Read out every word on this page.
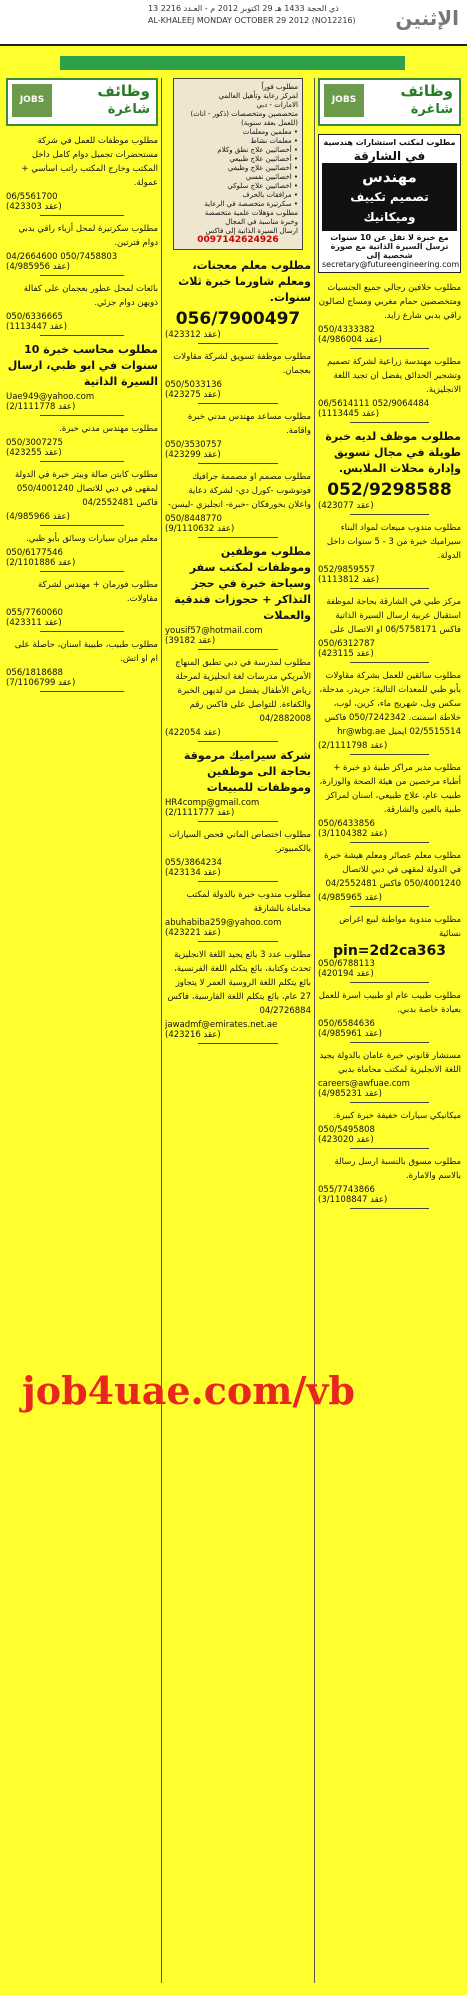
الإثنين
13 ذي الحجة 1433 هـ 29 اكتوبر 2012 م - العـدد 2216
AL-KHALEEJ MONDAY OCTOBER 29 2012 (NO12216)
JOBS	وظائف
شاغرة
مطلوب لمكتب استشارات هندسية
في الشارقة
مهندس
تصميم تكييف وميكانيك
مع خبرة لا تقل عن 10 سنوات
ترسل السيرة الذاتية مع صورة شخصية إلى
secretary@futureengineering.com
مطلوب خلافين رجالي جميع الجنسيات ومتخصصين حمام مغربي ومساج لصالون راقي بدبي شارع زايد.
050/4333382
(عقد 4/986004)
مطلوب مهندسة زراعية لشركة تصميم وتشجير الحدائق يفضل ان تجيد اللغة الانجليزية.
06/5614111 052/9064484
(عقد 1113445)
مطلوب موظف لديه خبرة طويلة في مجال تسويق وإدارة محلات الملابس.
052/9298588
(عقد 423077)
مطلوب مندوب مبيعات لمواد البناء سيراميك خبرة من 3 - 5 سنوات داخل الدولة.
052/9859557
(عقد 1113812)
مركز طبي في الشارقة بحاجة لموظفة استقبال عربية ارسال السيرة الذاتية فاكس 06/5758171 او الاتصال على
050/6312787
(عقد 423115)
مطلوب سائقين للعمل بشركة مقاولات بأبو ظبي للمعدات التالية: جريدر، مدحلة، سكس ويل، شهريج ماء، كرين، لوب، خلاطة اسمنت. 050/7242342 فاكس 02/5515514 ايميل hr@wbg.ae
(عقد 2/1111798)
مطلوب مدير مراكز طبية ذو خبرة + أطباء مرخصين من هيئة الصحة والوزارة، طبيب عام، علاج طبيعي، اسنان لمراكز طبية بالعين والشارقة.
050/6433856
(عقد 3/1104382)
مطلوب معلم عصائر ومعلم هيشة خبرة في الدولة لمقهى في دبي للاتصال 050/4001240 فاكس 04/2552481
(عقد 4/985965)
مطلوب مندوبة مواطنة لبيع اغراض نسائية
pin=2d2ca363
050/6788113
(عقد 420194)
مطلوب طبيب عام او طبيب اسرة للعمل بعيادة خاصة بدبي.
050/6584636
(عقد 4/985961)
مستشار قانوني خبرة عامان بالدولة يجيد اللغة الانجليزية لمكتب محاماة بدبي
careers@awfuae.com
(عقد 4/985231)
ميكانيكي سيارات خفيفة خبرة كبيرة.
050/5495808
(عقد 423020)
مطلوب مسوق بالنسبة ارسل رسالة بالاسم والامارة.
055/7743866
(عقد 3/1108847)
مطلوب فوراً
لمركز رعاية وتأهيل العالمي
الامارات - دبي
متخصصين ومتخصصات (ذكور - اناث)
(للعمل بعقد سنوية)
• معلمين ومعلمات
• معلمات نشاط
• أخصائيين علاج نطق وكلام
• أخصائيين علاج طبيعي
• أخصائيين علاج وظيفي
• اخصائيين نفسي
• اخصائيين علاج سلوكي
• مرافقات بالحرف
• سكرتيرة متخصصة في الرعاية
مطلوب مؤهلات علمية متخصصة
وخبرة مناسبة في المجال
ارسال السيرة الذاتية إلى فاكس
0097142624926
مطلوب معلم معجنات، ومعلم شاورما خبرة ثلاث سنوات.
056/7900497
(عقد 423312)
مطلوب موظفة تسويق لشركة مقاولات بعجمان.
050/5033136
(عقد 423275)
مطلوب مساعد مهندس مدني خبرة واقامة.
050/3530757
(عقد 423299)
مطلوب مصمم او مصممة جرافيك فوتوشوب -كورل دي- لشركة دعاية واعلان بخورفكان -خبرة- انجليزي -ليسن-
050/8448770
(عقد 9/1110632)
مطلوب موظفين وموظفات لمكتب سفر وسياحة خبرة في حجز التذاكر + حجوزات فندقية والعملات
yousif57@hotmail.com
(عقد 39182)
مطلوب لمدرسة في دبي تطبق المنهاج الأمريكي مدرسات لغة انجليزية لمرحلة رياض الأطفال يفضل من لديهن الخبرة والكفاءة. للتواصل على فاكس رقم 04/2882008
(عقد 422054)
شركة سيراميك مرموقة بحاجة الى موظفين وموظفات للمبيعات
HR4comp@gmail.com
(عقد 2/1111777)
مطلوب اختصاص الماني فحص السيارات بالكمبيوتر.
055/3864234
(عقد 423134)
مطلوب مندوب خبرة بالدولة لمكتب محاماة بالشارقة
abuhabiba259@yahoo.com
(عقد 423221)
مطلوب عدد 3 بائع يجيد اللغة الانجليزية تحدث وكتابة، بائع يتكلم اللغة الفرنسية، بائع يتكلم اللغة الروسية العمر لا يتجاوز 27 عام، بائع يتكلم اللغة الفارسية، فاكس 04/2726884
jawadmf@emirates.net.ae
(عقد 423216)
JOBS	وظائف
شاغرة
مطلوب موظفات للعمل في شركة مستحضرات تجميل دوام كامل داخل المكتب وخارج المكتب راتب اساسي + عمولة.
06/5561700
(عقد 423303)
مطلوب سكرتيرة لمحل أزياء راقي بدبي دوام فترتين.
04/2664600 050/7458803
(عقد 4/985956)
بائعات لمحل عطور بعجمان على كفالة ذويهن دوام جزئي.
050/6336665
(عقد 1113447)
مطلوب محاسب خبرة 10 سنوات في ابو ظبي، ارسال السيرة الذاتية
Uae949@yahoo.com
(عقد 2/1111778)
مطلوب مهندس مدني خبرة.
050/3007275
(عقد 423255)
مطلوب كابتن صالة وبيتر خبرة في الدولة لمقهى في دبي للاتصال 050/4001240 فاكس 04/2552481
(عقد 4/985966)
معلم ميزان سيارات وسائق بأبو ظبي.
050/6177546
(عقد 2/1101886)
مطلوب فورمان + مهندس لشركة مقاولات.
055/7760060
(عقد 423311)
مطلوب طبيب، طبيبة اسنان، حاصلة على ام او اتش.
056/1818688
(عقد 7/1106799)
job4uae.com/vb
